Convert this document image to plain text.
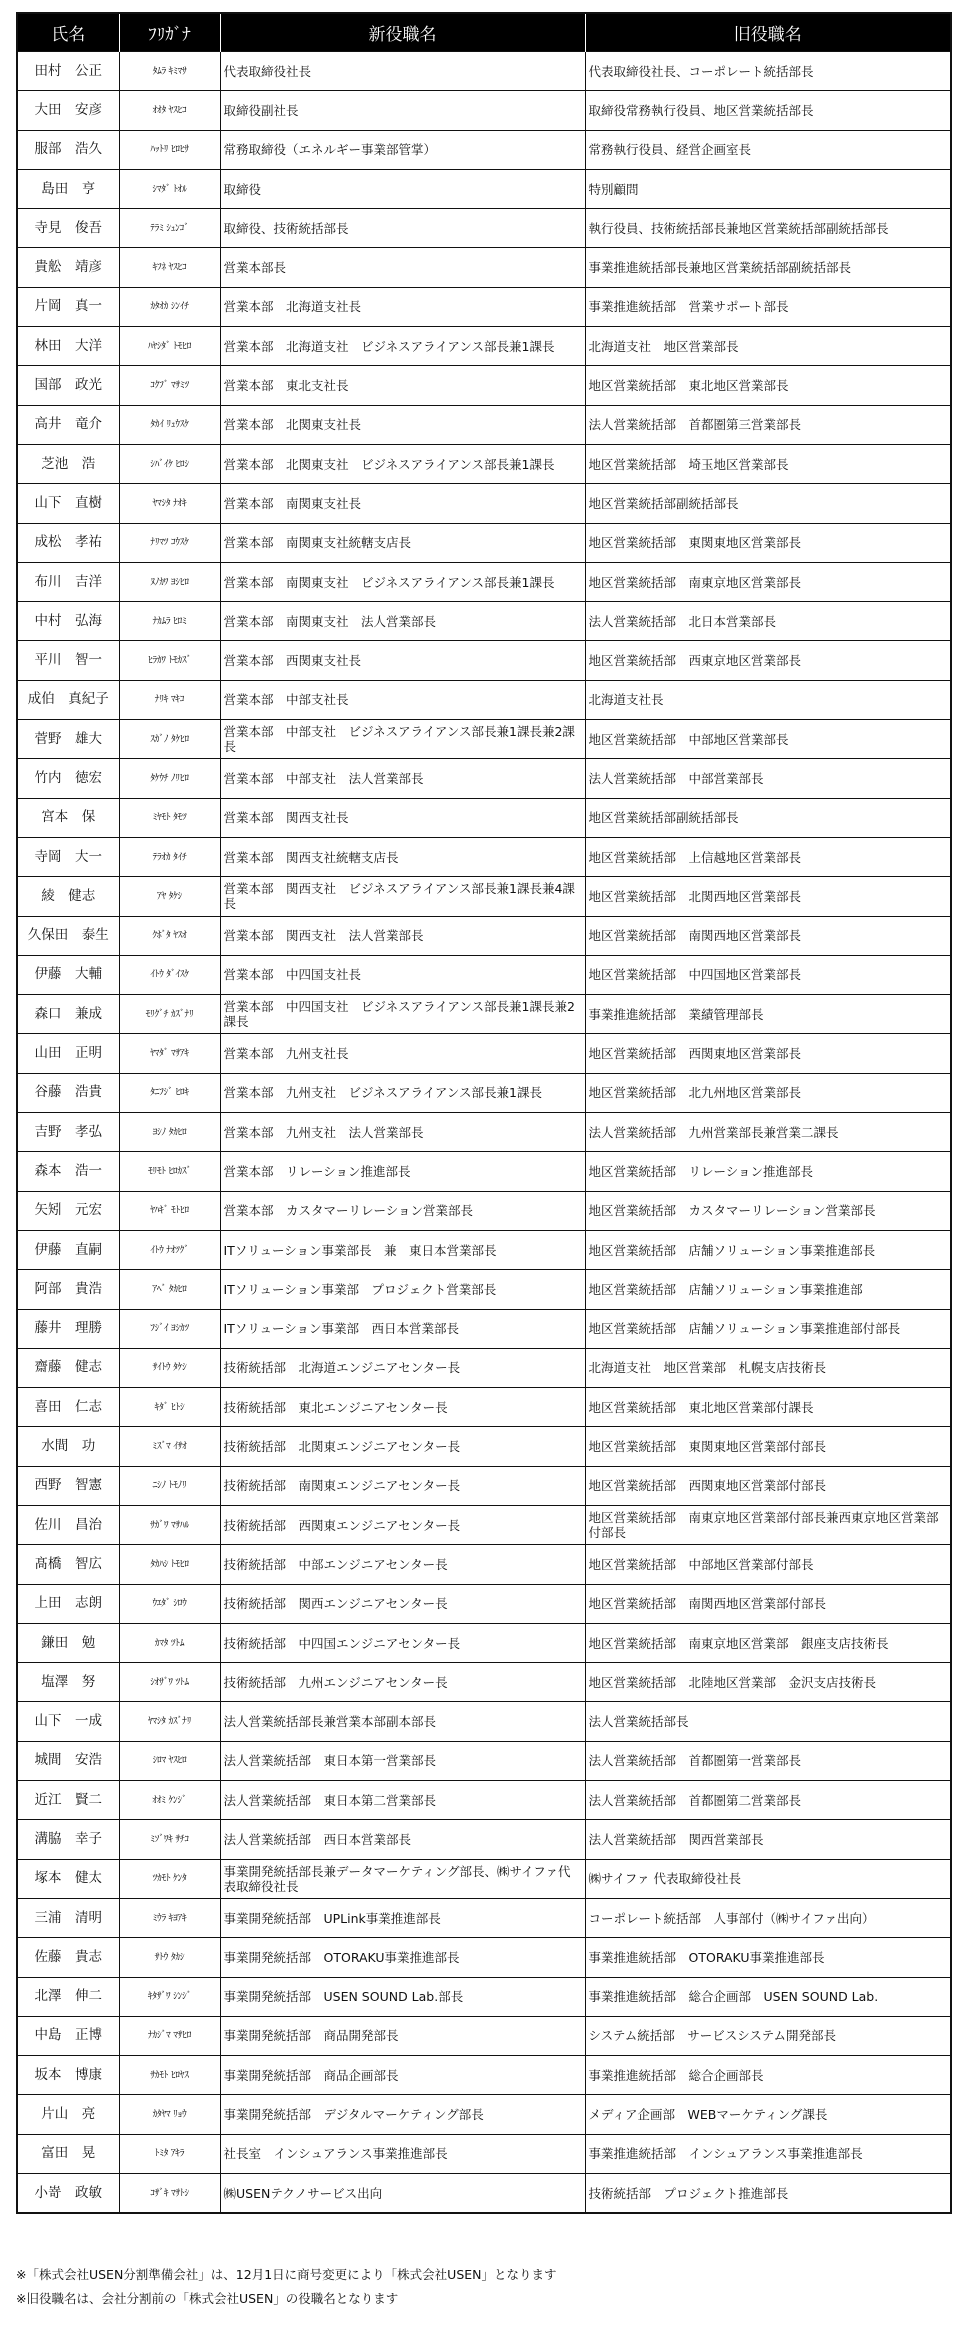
氏名	ﾌﾘｶﾞﾅ	新役職名	旧役職名
田村　公正	ﾀﾑﾗ ｷﾐﾏｻ	代表取締役社長	代表取締役社長、コーポレート統括部長
大田　安彦	ｵｵﾀ ﾔｽﾋｺ	取締役副社長	取締役常務執行役員、地区営業統括部長
服部　浩久	ﾊｯﾄﾘ ﾋﾛﾋｻ	常務取締役（エネルギー事業部管掌）	常務執行役員、経営企画室長
島田　亨	ｼﾏﾀﾞ ﾄｵﾙ	取締役	特別顧問
寺見　俊吾	ﾃﾗﾐ ｼｭﾝｺﾞ	取締役、技術統括部長	執行役員、技術統括部長兼地区営業統括部副統括部長
貴舩　靖彦	ｷﾌﾈ ﾔｽﾋｺ	営業本部長	事業推進統括部長兼地区営業統括部副統括部長
片岡　真一	ｶﾀｵｶ ｼﾝｲﾁ	営業本部　北海道支社長	事業推進統括部　営業サポート部長
林田　大洋	ﾊﾔｼﾀﾞ ﾄﾓﾋﾛ	営業本部　北海道支社　ビジネスアライアンス部長兼1課長	北海道支社　地区営業部長
国部　政光	ｺｸﾌﾞ ﾏｻﾐﾂ	営業本部　東北支社長	地区営業統括部　東北地区営業部長
高井　竜介	ﾀｶｲ ﾘｭｳｽｹ	営業本部　北関東支社長	法人営業統括部　首都圏第三営業部長
芝池　浩	ｼﾊﾞｲｹ ﾋﾛｼ	営業本部　北関東支社　ビジネスアライアンス部長兼1課長	地区営業統括部　埼玉地区営業部長
山下　直樹	ﾔﾏｼﾀ ﾅｵｷ	営業本部　南関東支社長	地区営業統括部副統括部長
成松　孝祐	ﾅﾘﾏﾂ ｺｳｽｹ	営業本部　南関東支社統轄支店長	地区営業統括部　東関東地区営業部長
布川　吉洋	ﾇﾉｶﾜ ﾖｼﾋﾛ	営業本部　南関東支社　ビジネスアライアンス部長兼1課長	地区営業統括部　南東京地区営業部長
中村　弘海	ﾅｶﾑﾗ ﾋﾛﾐ	営業本部　南関東支社　法人営業部長	法人営業統括部　北日本営業部長
平川　智一	ﾋﾗｶﾜ ﾄﾓｶｽﾞ	営業本部　西関東支社長	地区営業統括部　西東京地区営業部長
成伯　真紀子	ﾅﾘｷ ﾏｷｺ	営業本部　中部支社長	北海道支社長
菅野　雄大	ｽｶﾞﾉ ﾀｹﾋﾛ	営業本部　中部支社　ビジネスアライアンス部長兼1課長兼2課長	地区営業統括部　中部地区営業部長
竹内　徳宏	ﾀｹｳﾁ ﾉﾘﾋﾛ	営業本部　中部支社　法人営業部長	法人営業統括部　中部営業部長
宮本　保	ﾐﾔﾓﾄ ﾀﾓﾂ	営業本部　関西支社長	地区営業統括部副統括部長
寺岡　大一	ﾃﾗｵｶ ﾀｲﾁ	営業本部　関西支社統轄支店長	地区営業統括部　上信越地区営業部長
綾　健志	ｱﾔ ﾀｹｼ	営業本部　関西支社　ビジネスアライアンス部長兼1課長兼4課長	地区営業統括部　北関西地区営業部長
久保田　泰生	ｸﾎﾞﾀ ﾔｽｵ	営業本部　関西支社　法人営業部長	地区営業統括部　南関西地区営業部長
伊藤　大輔	ｲﾄｳ ﾀﾞｲｽｹ	営業本部　中四国支社長	地区営業統括部　中四国地区営業部長
森口　兼成	ﾓﾘｸﾞﾁ ｶｽﾞﾅﾘ	営業本部　中四国支社　ビジネスアライアンス部長兼1課長兼2課長	事業推進統括部　業績管理部長
山田　正明	ﾔﾏﾀﾞ ﾏｻｱｷ	営業本部　九州支社長	地区営業統括部　西関東地区営業部長
谷藤　浩貴	ﾀﾆﾌｼﾞ ﾋﾛｷ	営業本部　九州支社　ビジネスアライアンス部長兼1課長	地区営業統括部　北九州地区営業部長
吉野　孝弘	ﾖｼﾉ ﾀｶﾋﾛ	営業本部　九州支社　法人営業部長	法人営業統括部　九州営業部長兼営業二課長
森本　浩一	ﾓﾘﾓﾄ ﾋﾛｶｽﾞ	営業本部　リレーション推進部長	地区営業統括部　リレーション推進部長
矢矧　元宏	ﾔﾊｷﾞ ﾓﾄﾋﾛ	営業本部　カスタマーリレーション営業部長	地区営業統括部　カスタマーリレーション営業部長
伊藤　直嗣	ｲﾄｳ ﾅｵﾂｸﾞ	ITソリューション事業部長　兼　東日本営業部長	地区営業統括部　店舗ソリューション事業推進部長
阿部　貴浩	ｱﾍﾞ ﾀｶﾋﾛ	ITソリューション事業部　プロジェクト営業部長	地区営業統括部　店舗ソリューション事業推進部
藤井　理勝	ﾌｼﾞｲ ﾖｼｶﾂ	ITソリューション事業部　西日本営業部長	地区営業統括部　店舗ソリューション事業推進部付部長
齋藤　健志	ｻｲﾄｳ ﾀｹｼ	技術統括部　北海道エンジニアセンター長	北海道支社　地区営業部　札幌支店技術長
喜田　仁志	ｷﾀﾞ ﾋﾄｼ	技術統括部　東北エンジニアセンター長	地区営業統括部　東北地区営業部付課長
水間　功	ﾐｽﾞﾏ ｲｻｵ	技術統括部　北関東エンジニアセンター長	地区営業統括部　東関東地区営業部付部長
西野　智憲	ﾆｼﾉ ﾄﾓﾉﾘ	技術統括部　南関東エンジニアセンター長	地区営業統括部　西関東地区営業部付部長
佐川　昌治	ｻｶﾞﾜ ﾏｻﾊﾙ	技術統括部　西関東エンジニアセンター長	地区営業統括部　南東京地区営業部付部長兼西東京地区営業部付部長
髙橋　智広	ﾀｶﾊｼ ﾄﾓﾋﾛ	技術統括部　中部エンジニアセンター長	地区営業統括部　中部地区営業部付部長
上田　志朗	ｳｴﾀﾞ ｼﾛｳ	技術統括部　関西エンジニアセンター長	地区営業統括部　南関西地区営業部付部長
鎌田　勉	ｶﾏﾀ ﾂﾄﾑ	技術統括部　中四国エンジニアセンター長	地区営業統括部　南東京地区営業部　銀座支店技術長
塩澤　努	ｼｵｻﾞﾜ ﾂﾄﾑ	技術統括部　九州エンジニアセンター長	地区営業統括部　北陸地区営業部　金沢支店技術長
山下　一成	ﾔﾏｼﾀ ｶｽﾞﾅﾘ	法人営業統括部長兼営業本部副本部長	法人営業統括部長
城間　安浩	ｼﾛﾏ ﾔｽﾋﾛ	法人営業統括部　東日本第一営業部長	法人営業統括部　首都圏第一営業部長
近江　賢二	ｵｵﾐ ｹﾝｼﾞ	法人営業統括部　東日本第二営業部長	法人営業統括部　首都圏第二営業部長
溝脇　幸子	ﾐｿﾞﾜｷ ｻﾁｺ	法人営業統括部　西日本営業部長	法人営業統括部　関西営業部長
塚本　健太	ﾂｶﾓﾄ ｹﾝﾀ	事業開発統括部長兼データマーケティング部長、㈱サイファ代表取締役社長	㈱サイファ 代表取締役社長
三浦　清明	ﾐｳﾗ ｷﾖｱｷ	事業開発統括部　UPLink事業推進部長	コーポレート統括部　人事部付（㈱サイファ出向）
佐藤　貴志	ｻﾄｳ ﾀｶｼ	事業開発統括部　OTORAKU事業推進部長	事業推進統括部　OTORAKU事業推進部長
北澤　伸二	ｷﾀｻﾞﾜ ｼﾝｼﾞ	事業開発統括部　USEN SOUND Lab.部長	事業推進統括部　総合企画部　USEN SOUND Lab.
中島　正博	ﾅｶｼﾞﾏ ﾏｻﾋﾛ	事業開発統括部　商品開発部長	システム統括部　サービスシステム開発部長
坂本　博康	ｻｶﾓﾄ ﾋﾛﾔｽ	事業開発統括部　商品企画部長	事業推進統括部　総合企画部長
片山　亮	ｶﾀﾔﾏ ﾘｮｳ	事業開発統括部　デジタルマーケティング部長	メディア企画部　WEBマーケティング課長
富田　晃	ﾄﾐﾀ ｱｷﾗ	社長室　インシュアランス事業推進部長	事業推進統括部　インシュアランス事業推進部長
小嵜　政敏	ｺｻﾞｷ ﾏｻﾄｼ	㈱USENテクノサービス出向	技術統括部　プロジェクト推進部長
※「株式会社USEN分割準備会社」は、12月1日に商号変更により「株式会社USEN」となります
※旧役職名は、会社分割前の「株式会社USEN」の役職名となります
